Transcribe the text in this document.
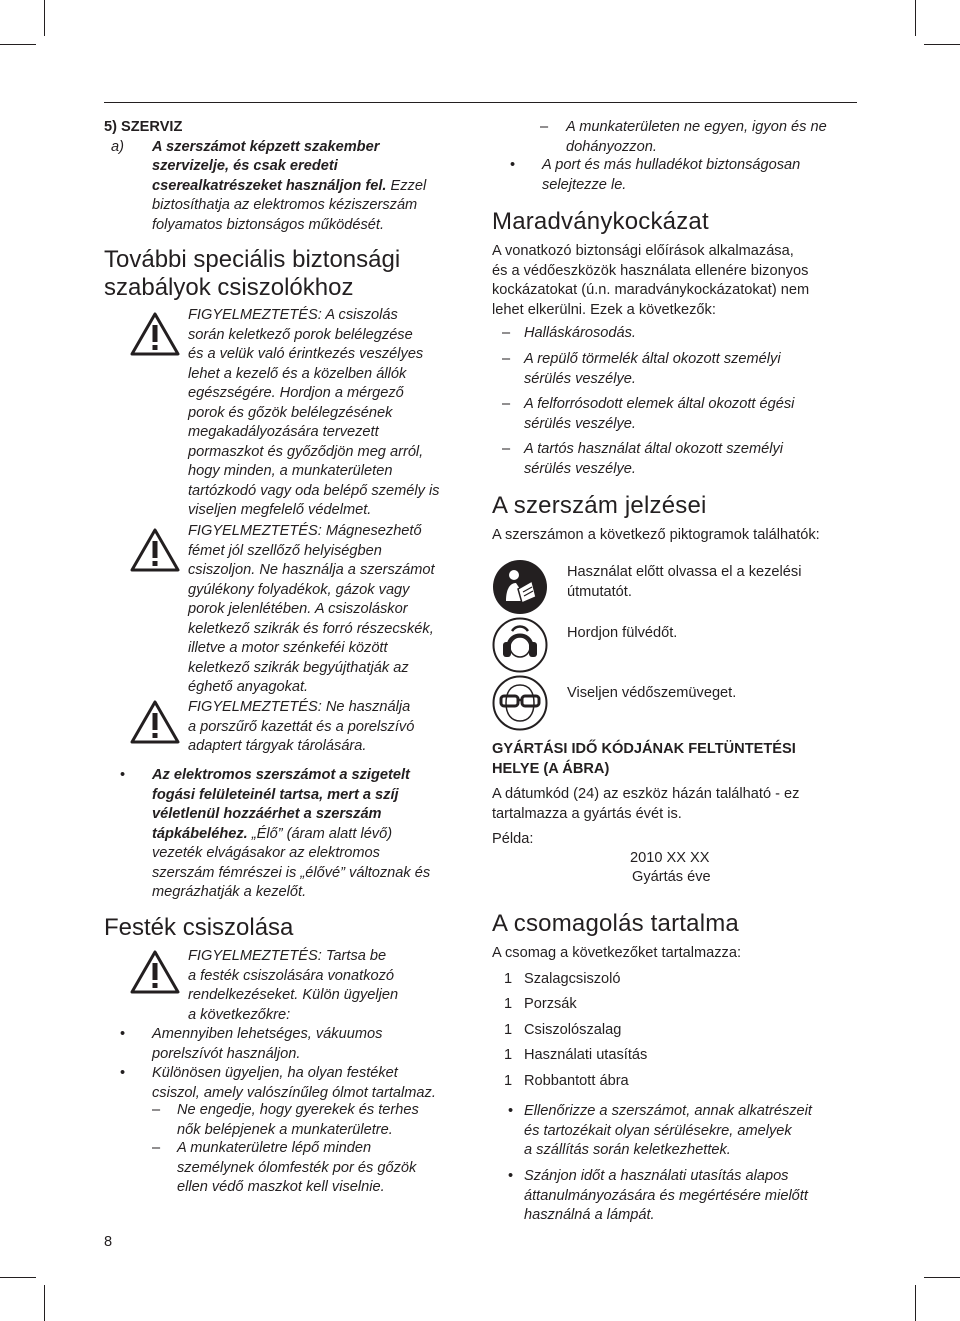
5) SZERVIZ
a) A szerszámot képzett szakember szervizelje, és csak eredeti cserealkatrészeket használjon fel. Ezzel biztosíthatja az elektromos kéziszerszám folyamatos biztonságos működését.
További speciális biztonsági
szabályok csiszolókhoz
FIGYELMEZTETÉS: A csiszolás
során keletkező porok belélegzése
és a velük való érintkezés veszélyes
lehet a kezelő és a közelben állók
egészségére. Hordjon a mérgező
porok és gőzök belélegzésének
megakadályozására tervezett
pormaszkot és győződjön meg arról,
hogy minden, a munkaterületen
tartózkodó vagy oda belépő személy is
viseljen megfelelő védelmet.
FIGYELMEZTETÉS: Mágnesezhető
fémet jól szellőző helyiségben
csiszoljon. Ne használja a szerszámot
gyúlékony folyadékok, gázok vagy
porok jelenlétében. A csiszoláskor
keletkező szikrák és forró részecskék,
illetve a motor szénkeféi között
keletkező szikrák begyújthatják az
éghető anyagokat.
FIGYELMEZTETÉS: Ne használja
a porszűrő kazettát és a porelszívó
adaptert tárgyak tárolására.
• Az elektromos szerszámot a szigetelt
fogási felületeinél tartsa, mert a szíj
véletlenül hozzáérhet a szerszám
tápkábeléhez. „Élő” (áram alatt lévő)
vezeték elvágásakor az elektromos
szerszám fémrészei is „élővé” változnak és
megrázhatják a kezelőt.
Festék csiszolása
FIGYELMEZTETÉS: Tartsa be
a festék csiszolására vonatkozó
rendelkezéseket. Külön ügyeljen
a következőkre:
• Amennyiben lehetséges, vákuumos
porelszívót használjon.
• Különösen ügyeljen, ha olyan festéket
csiszol, amely valószínűleg ólmot tartalmaz.
– Ne engedje, hogy gyerekek és terhes
nők belépjenek a munkaterületre.
– A munkaterületre lépő minden
személynek ólomfesték por és gőzök
ellen védő maszkot kell viselnie.
– A munkaterületen ne egyen, igyon és ne
dohányozzon.
• A port és más hulladékot biztonságosan
selejtezze le.
Maradványkockázat
A vonatkozó biztonsági előírások alkalmazása,
és a védőeszközök használata ellenére bizonyos
kockázatokat (ú.n. maradványkockázatokat) nem
lehet elkerülni. Ezek a következők:
– Halláskárosodás.
– A repülő törmelék által okozott személyi
sérülés veszélye.
– A felforrósodott elemek által okozott égési
sérülés veszélye.
– A tartós használat által okozott személyi
sérülés veszélye.
A szerszám jelzései
A szerszámon a következő piktogramok találhatók:
Használat előtt olvassa el a kezelési
útmutatót.
Hordjon fülvédőt.
Viseljen védőszemüveget.
GYÁRTÁSI IDŐ KÓDJÁNAK FELTÜNTETÉSI
HELYE (A ÁBRA)
A dátumkód (24) az eszköz házán található - ez
tartalmazza a gyártás évét is.
Példa:
2010 XX XX
Gyártás éve
A csomagolás tartalma
A csomag a következőket tartalmazza:
1 Szalagcsiszoló
1 Porzsák
1 Csiszolószalag
1 Használati utasítás
1 Robbantott ábra
• Ellenőrizze a szerszámot, annak alkatrészeit
és tartozékait olyan sérülésekre, amelyek
a szállítás során keletkezhettek.
• Szánjon időt a használati utasítás alapos
áttanulmányozására és megértésére mielőtt
használná a lámpát.
8
